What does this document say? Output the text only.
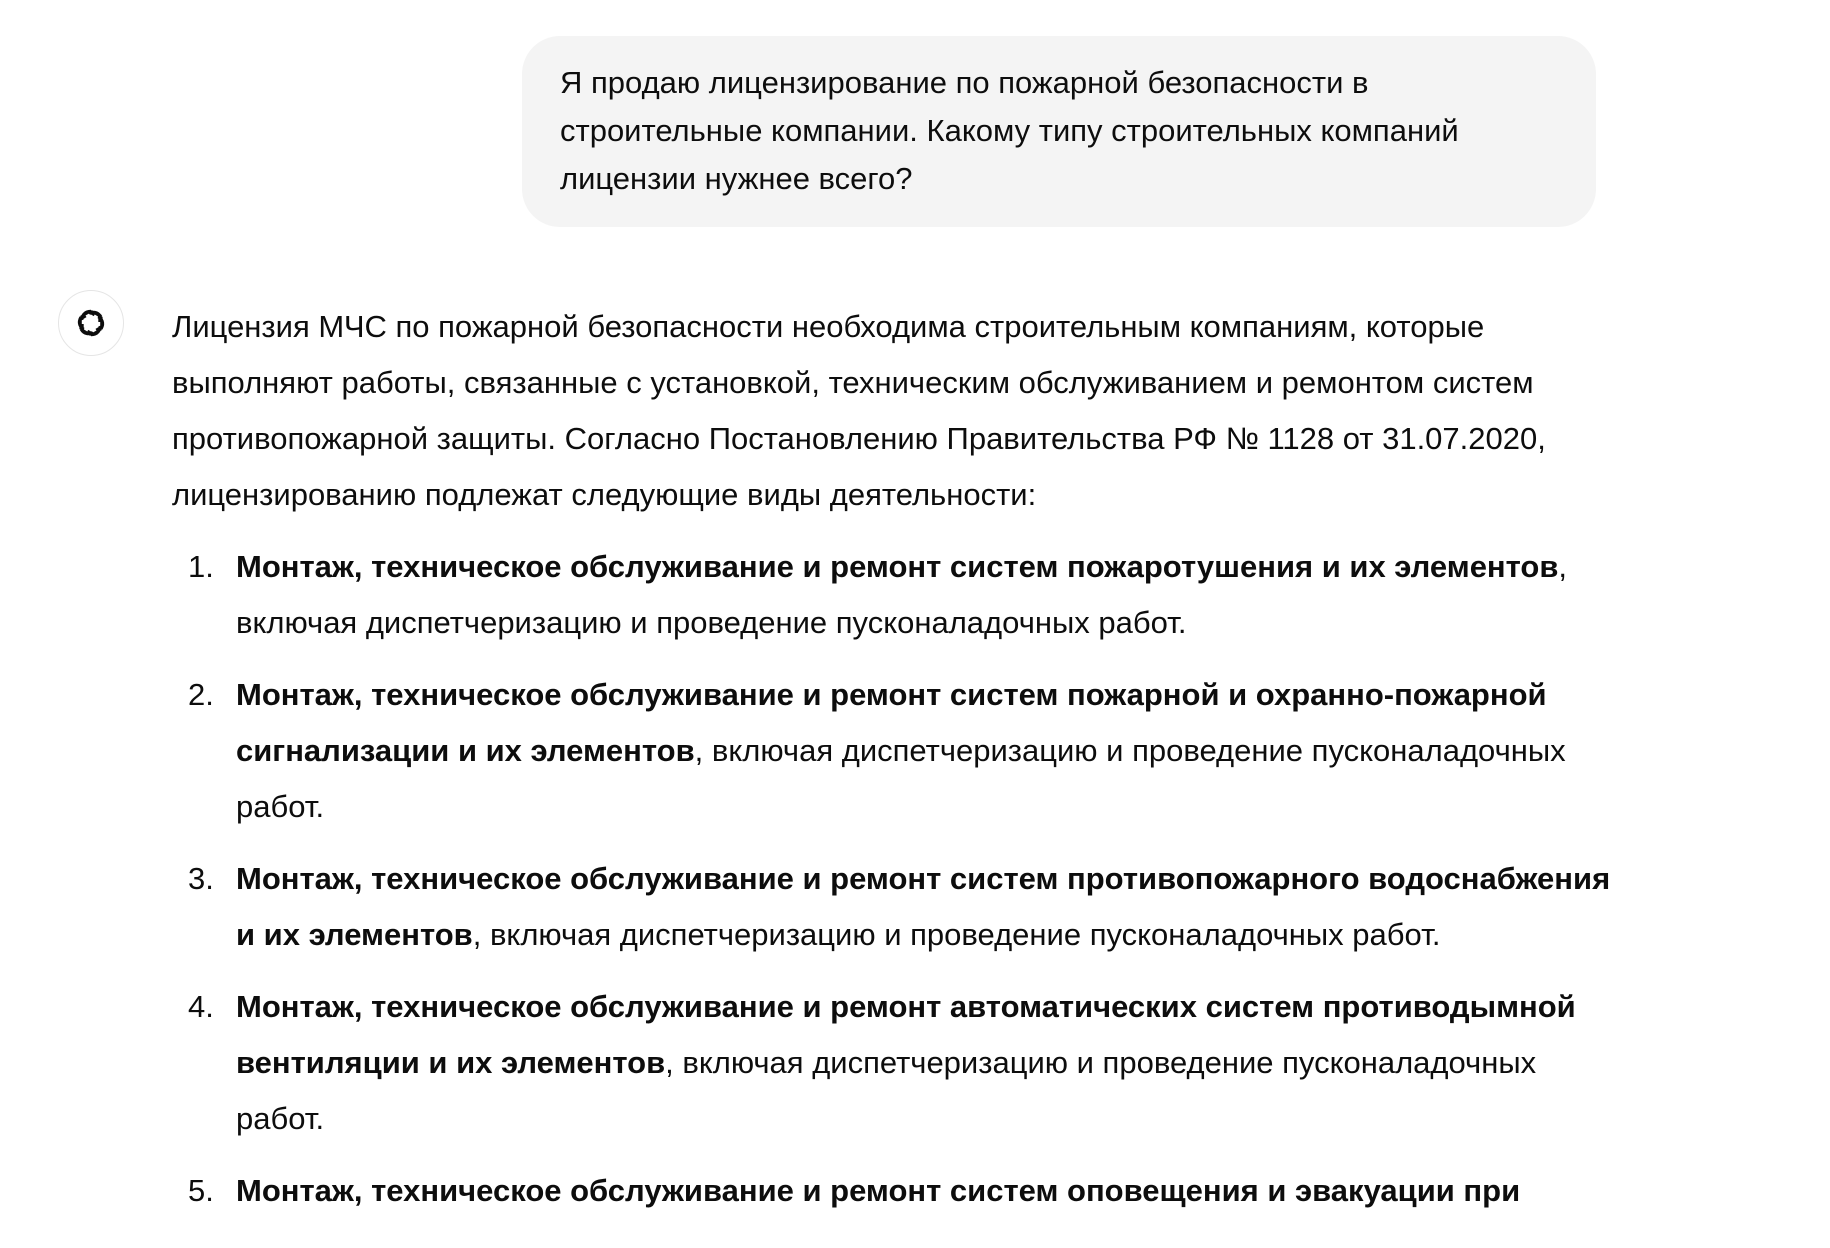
Я продаю лицензирование по пожарной безопасности в строительные компании. Какому типу строительных компаний лицензии нужнее всего?

Лицензия МЧС по пожарной безопасности необходима строительным компаниям, которые выполняют работы, связанные с установкой, техническим обслуживанием и ремонтом систем противопожарной защиты. Согласно Постановлению Правительства РФ № 1128 от 31.07.2020, лицензированию подлежат следующие виды деятельности:

1. Монтаж, техническое обслуживание и ремонт систем пожаротушения и их элементов, включая диспетчеризацию и проведение пусконаладочных работ.
2. Монтаж, техническое обслуживание и ремонт систем пожарной и охранно-пожарной сигнализации и их элементов, включая диспетчеризацию и проведение пусконаладочных работ.
3. Монтаж, техническое обслуживание и ремонт систем противопожарного водоснабжения и их элементов, включая диспетчеризацию и проведение пусконаладочных работ.
4. Монтаж, техническое обслуживание и ремонт автоматических систем противодымной вентиляции и их элементов, включая диспетчеризацию и проведение пусконаладочных работ.
5. Монтаж, техническое обслуживание и ремонт систем оповещения и эвакуации при
